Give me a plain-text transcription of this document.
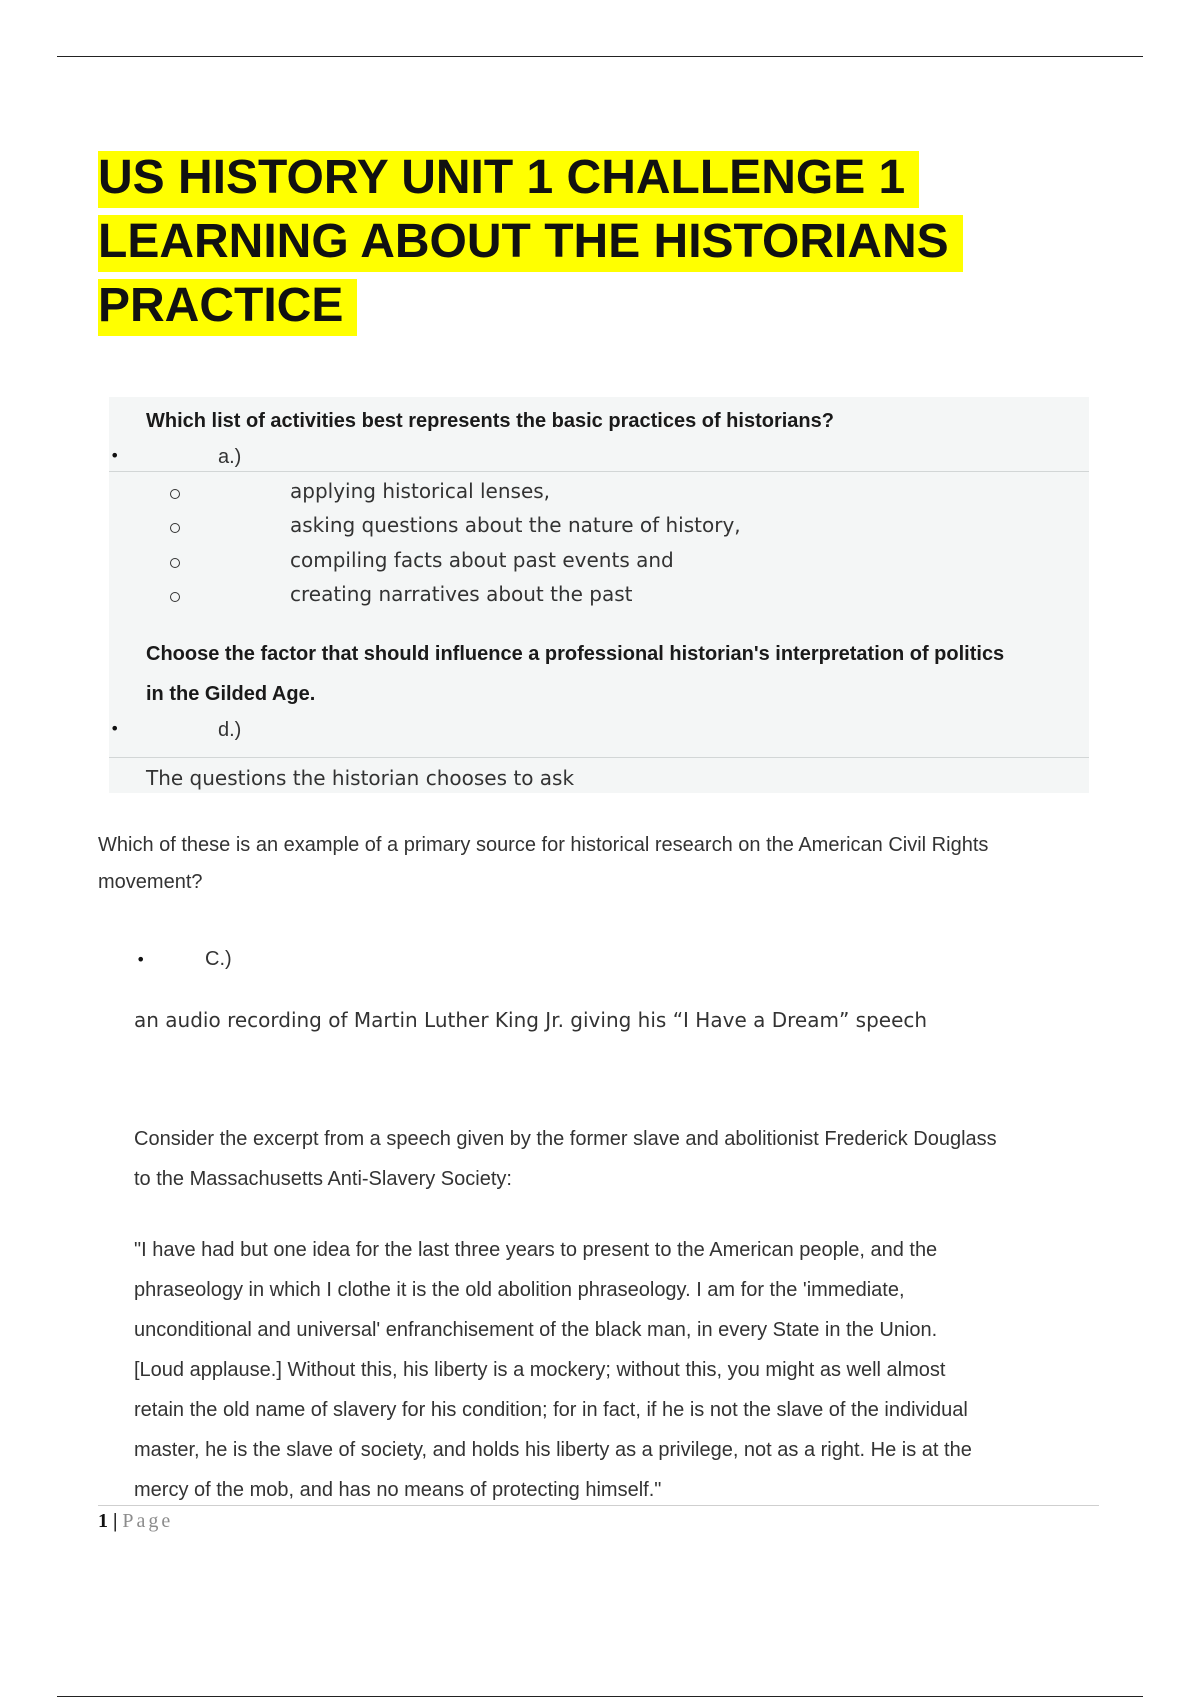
US HISTORY UNIT 1 CHALLENGE 1
LEARNING ABOUT THE HISTORIANS
PRACTICE

Which list of activities best represents the basic practices of historians?

•	a.)

applying historical lenses,

asking questions about the nature of history,

compiling facts about past events and

creating narratives about the past

Choose the factor that should influence a professional historian's interpretation of politics

in the Gilded Age.

•	d.)

The questions the historian chooses to ask

Which of these is an example of a primary source for historical research on the American Civil Rights

movement?

•	C.)

an audio recording of Martin Luther King Jr. giving his “I Have a Dream” speech

Consider the excerpt from a speech given by the former slave and abolitionist Frederick Douglass
to the Massachusetts Anti-Slavery Society:
"I have had but one idea for the last three years to present to the American people, and the
phraseology in which I clothe it is the old abolition phraseology. I am for the 'immediate,
unconditional and universal' enfranchisement of the black man, in every State in the Union.
[Loud applause.] Without this, his liberty is a mockery; without this, you might as well almost
retain the old name of slavery for his condition; for in fact, if he is not the slave of the individual
master, he is the slave of society, and holds his liberty as a privilege, not as a right. He is at the
mercy of the mob, and has no means of protecting himself."
1 | Page
